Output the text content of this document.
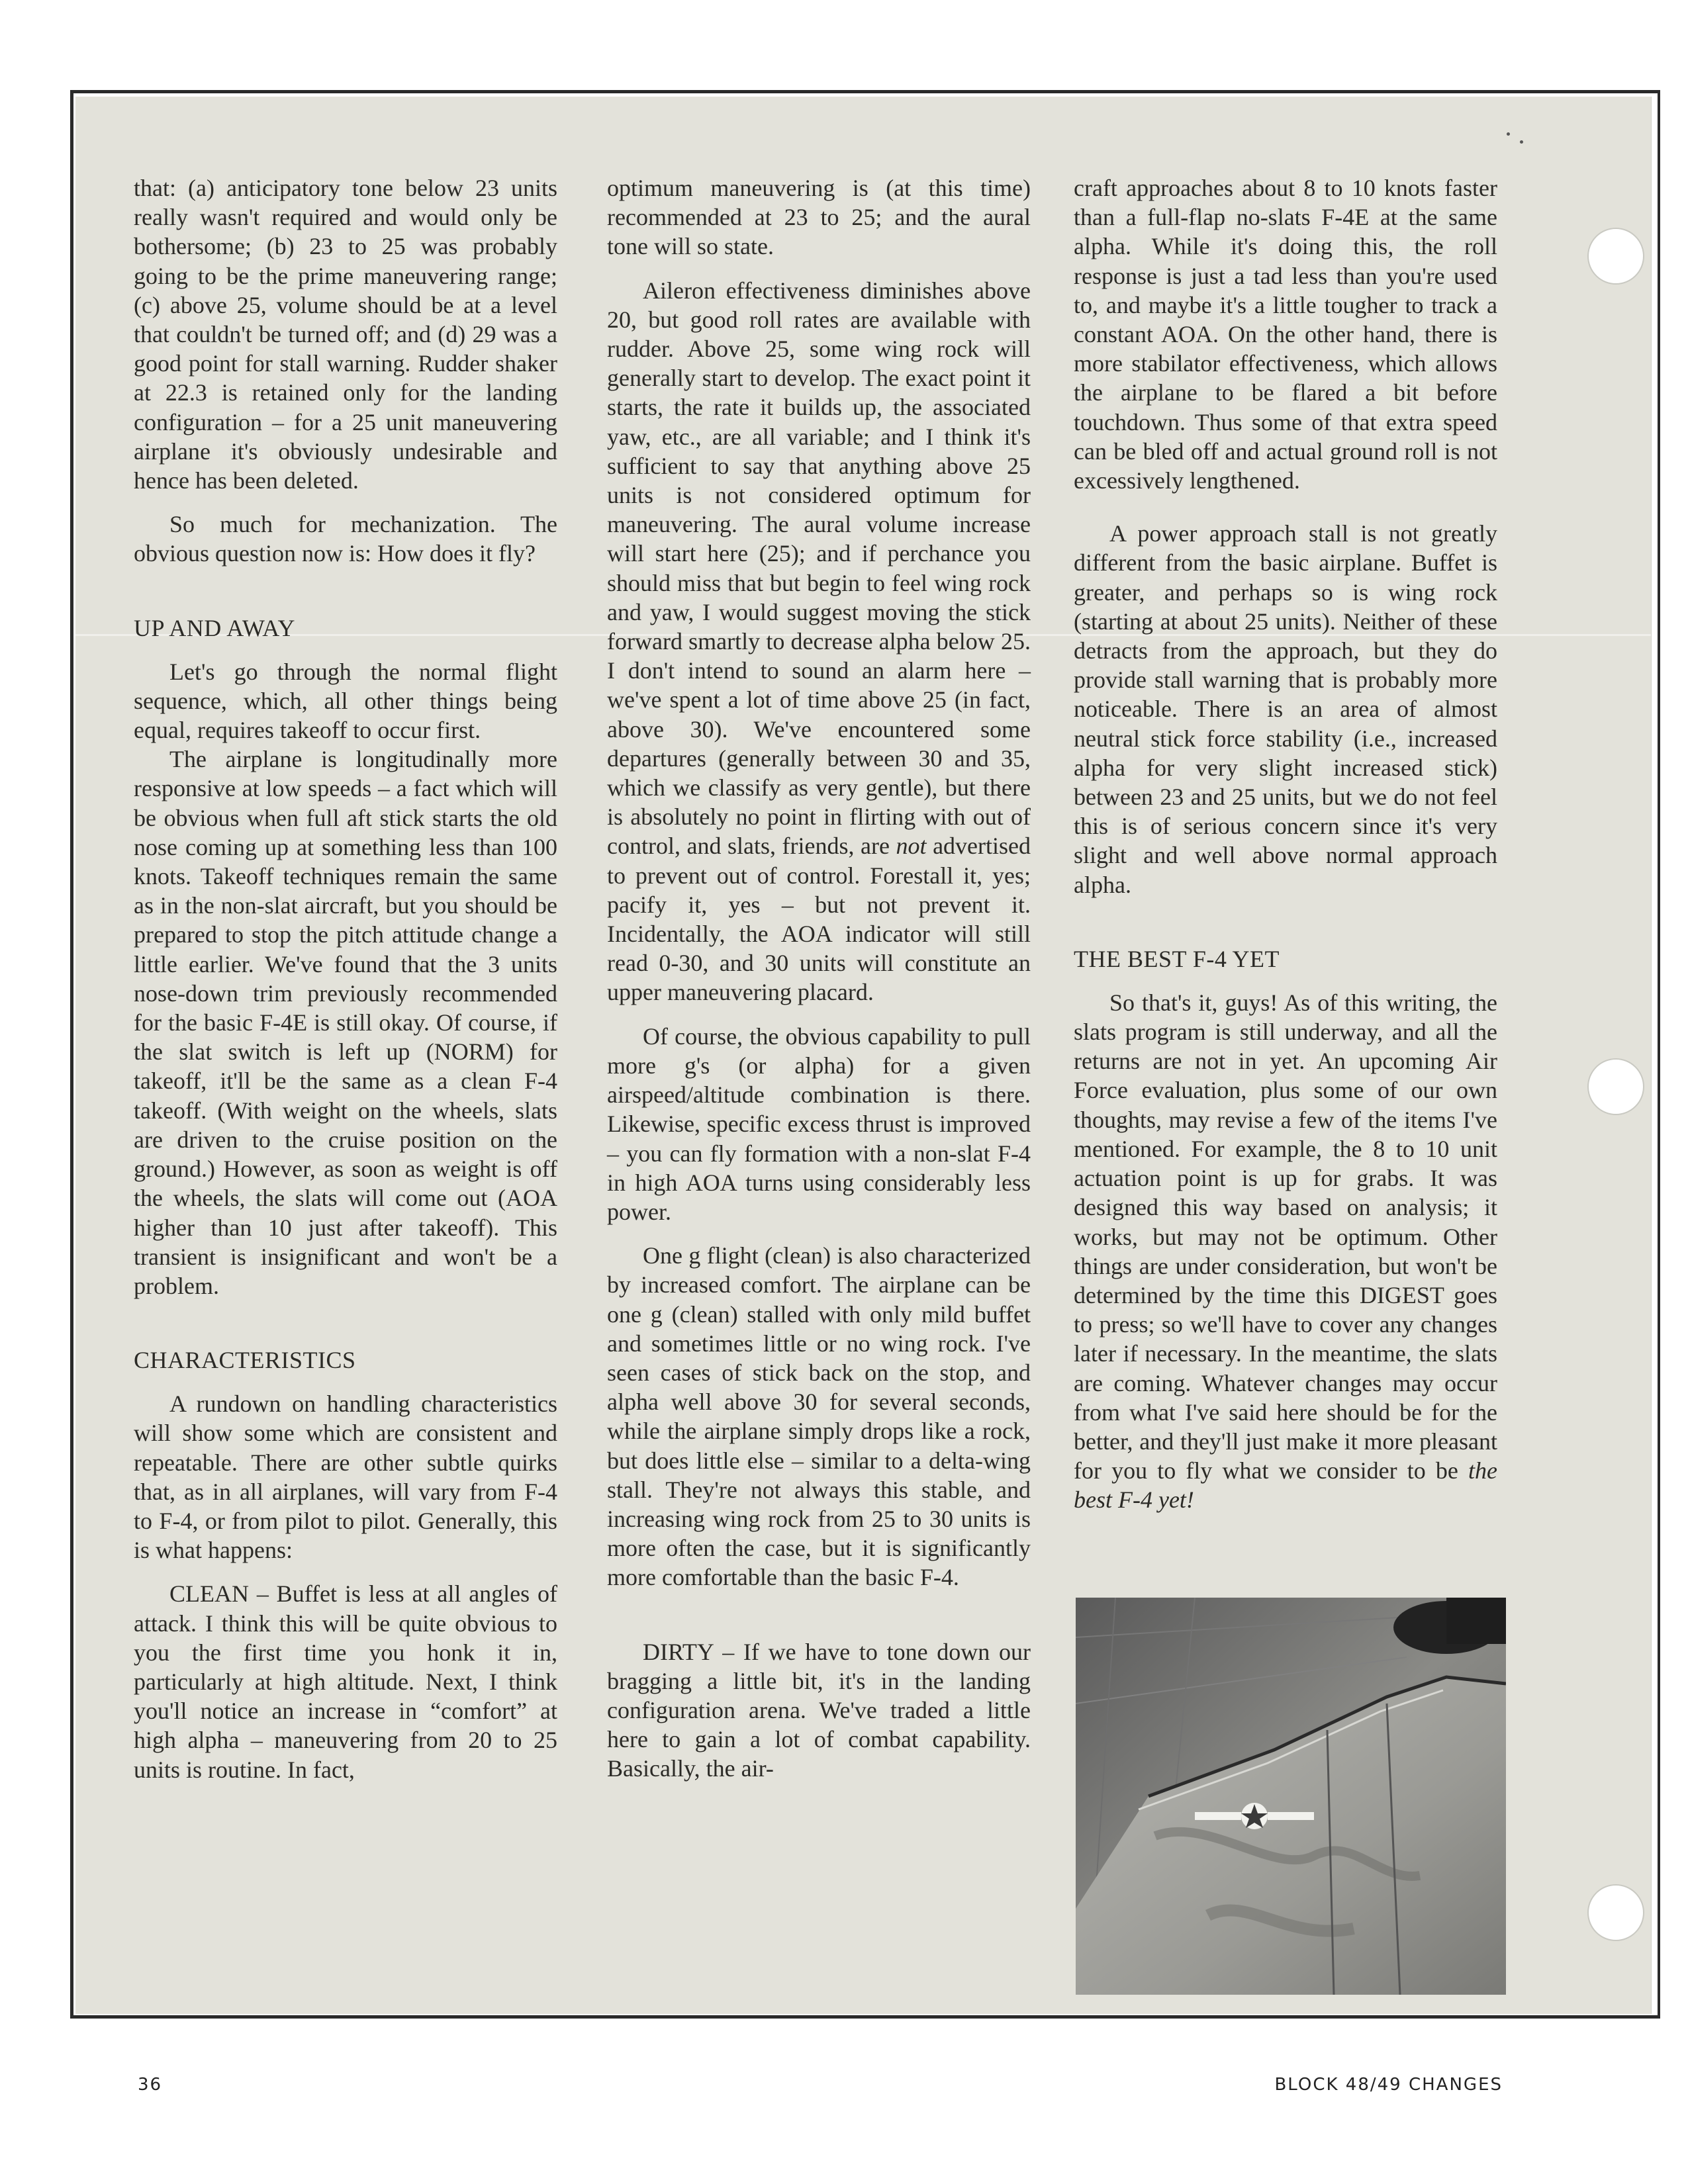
that: (a) anticipatory tone below 23 units really wasn't required and would only be bothersome; (b) 23 to 25 was probably going to be the prime maneuvering range; (c) above 25, volume should be at a level that couldn't be turned off; and (d) 29 was a good point for stall warning. Rudder shaker at 22.3 is retained only for the landing configuration – for a 25 unit maneuvering airplane it's obviously undesirable and hence has been deleted.

So much for mechanization. The obvious question now is: How does it fly?

UP AND AWAY

Let's go through the normal flight sequence, which, all other things being equal, requires takeoff to occur first.

The airplane is longitudinally more responsive at low speeds – a fact which will be obvious when full aft stick starts the old nose coming up at something less than 100 knots. Takeoff techniques remain the same as in the non-slat aircraft, but you should be prepared to stop the pitch attitude change a little earlier. We've found that the 3 units nose-down trim previously recommended for the basic F-4E is still okay. Of course, if the slat switch is left up (NORM) for takeoff, it'll be the same as a clean F-4 takeoff. (With weight on the wheels, slats are driven to the cruise position on the ground.) However, as soon as weight is off the wheels, the slats will come out (AOA higher than 10 just after takeoff). This transient is insignificant and won't be a problem.

CHARACTERISTICS

A rundown on handling characteristics will show some which are consistent and repeatable. There are other subtle quirks that, as in all airplanes, will vary from F-4 to F-4, or from pilot to pilot. Generally, this is what happens:

CLEAN – Buffet is less at all angles of attack. I think this will be quite obvious to you the first time you honk it in, particularly at high altitude. Next, I think you'll notice an increase in “comfort” at high alpha – maneuvering from 20 to 25 units is routine. In fact,

optimum maneuvering is (at this time) recommended at 23 to 25; and the aural tone will so state.

Aileron effectiveness diminishes above 20, but good roll rates are available with rudder. Above 25, some wing rock will generally start to develop. The exact point it starts, the rate it builds up, the associated yaw, etc., are all variable; and I think it's sufficient to say that anything above 25 units is not considered optimum for maneuvering. The aural volume increase will start here (25); and if perchance you should miss that but begin to feel wing rock and yaw, I would suggest moving the stick forward smartly to decrease alpha below 25. I don't intend to sound an alarm here – we've spent a lot of time above 25 (in fact, above 30). We've encountered some departures (generally between 30 and 35, which we classify as very gentle), but there is absolutely no point in flirting with out of control, and slats, friends, are not advertised to prevent out of control. Forestall it, yes; pacify it, yes – but not prevent it. Incidentally, the AOA indicator will still read 0-30, and 30 units will constitute an upper maneuvering placard.

Of course, the obvious capability to pull more g's (or alpha) for a given airspeed/altitude combination is there. Likewise, specific excess thrust is improved – you can fly formation with a non-slat F-4 in high AOA turns using considerably less power.

One g flight (clean) is also characterized by increased comfort. The airplane can be one g (clean) stalled with only mild buffet and sometimes little or no wing rock. I've seen cases of stick back on the stop, and alpha well above 30 for several seconds, while the airplane simply drops like a rock, but does little else – similar to a delta-wing stall. They're not always this stable, and increasing wing rock from 25 to 30 units is more often the case, but it is significantly more comfortable than the basic F-4.

DIRTY – If we have to tone down our bragging a little bit, it's in the landing configuration arena. We've traded a little here to gain a lot of combat capability. Basically, the air-

craft approaches about 8 to 10 knots faster than a full-flap no-slats F-4E at the same alpha. While it's doing this, the roll response is just a tad less than you're used to, and maybe it's a little tougher to track a constant AOA. On the other hand, there is more stabilator effectiveness, which allows the airplane to be flared a bit before touchdown. Thus some of that extra speed can be bled off and actual ground roll is not excessively lengthened.

A power approach stall is not greatly different from the basic airplane. Buffet is greater, and perhaps so is wing rock (starting at about 25 units). Neither of these detracts from the approach, but they do provide stall warning that is probably more noticeable. There is an area of almost neutral stick force stability (i.e., increased alpha for very slight increased stick) between 23 and 25 units, but we do not feel this is of serious concern since it's very slight and well above normal approach alpha.

THE BEST F-4 YET

So that's it, guys! As of this writing, the slats program is still underway, and all the returns are not in yet. An upcoming Air Force evaluation, plus some of our own thoughts, may revise a few of the items I've mentioned. For example, the 8 to 10 unit actuation point is up for grabs. It was designed this way based on analysis; it works, but may not be optimum. Other things are under consideration, but won't be determined by the time this DIGEST goes to press; so we'll have to cover any changes later if necessary. In the meantime, the slats are coming. Whatever changes may occur from what I've said here should be for the better, and they'll just make it more pleasant for you to fly what we consider to be the best F-4 yet!

36	BLOCK 48/49 CHANGES
